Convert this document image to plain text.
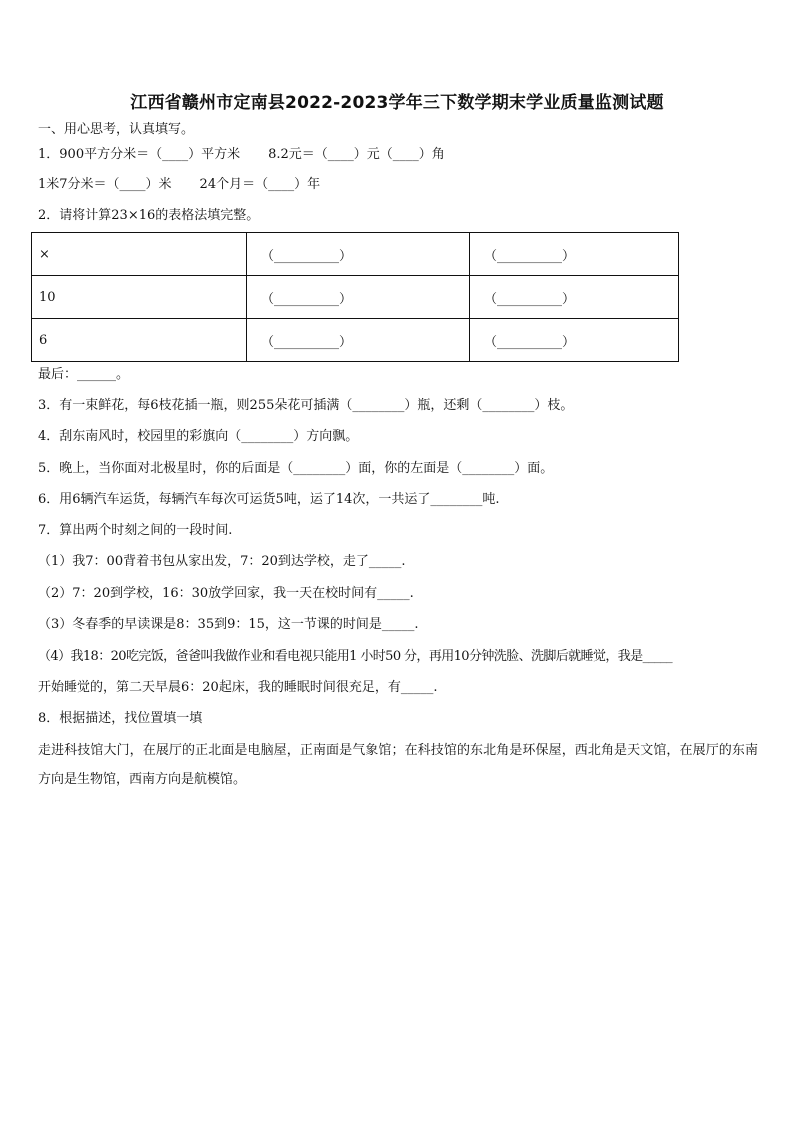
江西省赣州市定南县2022-2023学年三下数学期末学业质量监测试题
一、用心思考，认真填写。
1．900平方分米＝（____）平方米 8.2元＝（____）元（____）角
1米7分米＝（____）米 24个月＝（____）年
2．请将计算23×16的表格法填完整。
×	（__________）	（__________）
10	（__________）	（__________）
6	（__________）	（__________）
最后：______。
3．有一束鲜花，每6枝花插一瓶，则255朵花可插满（________）瓶，还剩（________）枝。
4．刮东南风时，校园里的彩旗向（________）方向飘。
5．晚上，当你面对北极星时，你的后面是（________）面，你的左面是（________）面。
6．用6辆汽车运货，每辆汽车每次可运货5吨，运了14次，一共运了________吨.
7．算出两个时刻之间的一段时间.
（1）我7：00背着书包从家出发，7：20到达学校，走了_____.
（2）7：20到学校，16：30放学回家，我一天在校时间有_____.
（3）冬春季的早读课是8：35到9：15，这一节课的时间是_____.
（4）我18：20吃完饭，爸爸叫我做作业和看电视只能用1 小时50 分，再用10分钟洗脸、洗脚后就睡觉，我是_____
开始睡觉的，第二天早晨6：20起床，我的睡眠时间很充足，有_____.
8．根据描述，找位置填一填
走进科技馆大门，在展厅的正北面是电脑屋，正南面是气象馆；在科技馆的东北角是环保屋，西北角是天文馆，在展厅的东南方向是生物馆，西南方向是航模馆。
